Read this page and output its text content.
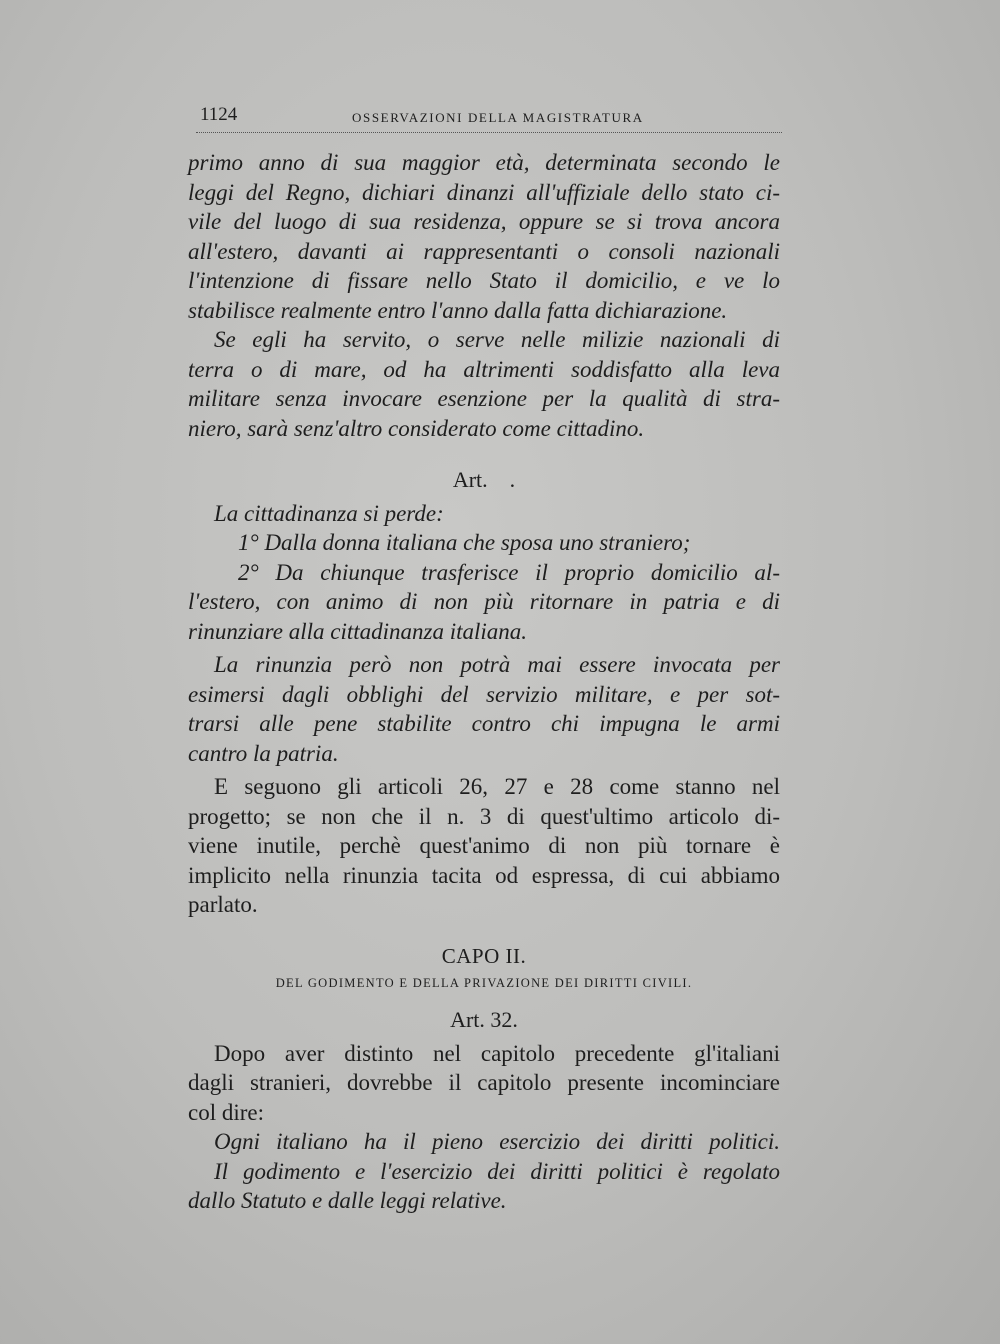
1124	OSSERVAZIONI DELLA MAGISTRATURA
primo anno di sua maggior età, determinata secondo le
leggi del Regno, dichiari dinanzi all'uffiziale dello stato ci-
vile del luogo di sua residenza, oppure se si trova ancora
all'estero, davanti ai rappresentanti o consoli nazionali
l'intenzione di fissare nello Stato il domicilio, e ve lo
stabilisce realmente entro l'anno dalla fatta dichiarazione.
Se egli ha servito, o serve nelle milizie nazionali di
terra o di mare, od ha altrimenti soddisfatto alla leva
militare senza invocare esenzione per la qualità di stra-
niero, sarà senz'altro considerato come cittadino.
Art.    .
La cittadinanza si perde:
1° Dalla donna italiana che sposa uno straniero;
2° Da chiunque trasferisce il proprio domicilio al-
l'estero, con animo di non più ritornare in patria e di
rinunziare alla cittadinanza italiana.
La rinunzia però non potrà mai essere invocata per
esimersi dagli obblighi del servizio militare, e per sot-
trarsi alle pene stabilite contro chi impugna le armi
cantro la patria.
E seguono gli articoli 26, 27 e 28 come stanno nel
progetto; se non che il n. 3 di quest'ultimo articolo di-
viene inutile, perchè quest'animo di non più tornare è
implicito nella rinunzia tacita od espressa, di cui abbiamo
parlato.
CAPO II.
DEL GODIMENTO E DELLA PRIVAZIONE DEI DIRITTI CIVILI.
Art. 32.
Dopo aver distinto nel capitolo precedente gl'italiani
dagli stranieri, dovrebbe il capitolo presente incominciare
col dire:
Ogni italiano ha il pieno esercizio dei diritti politici.
Il godimento e l'esercizio dei diritti politici è regolato
dallo Statuto e dalle leggi relative.
